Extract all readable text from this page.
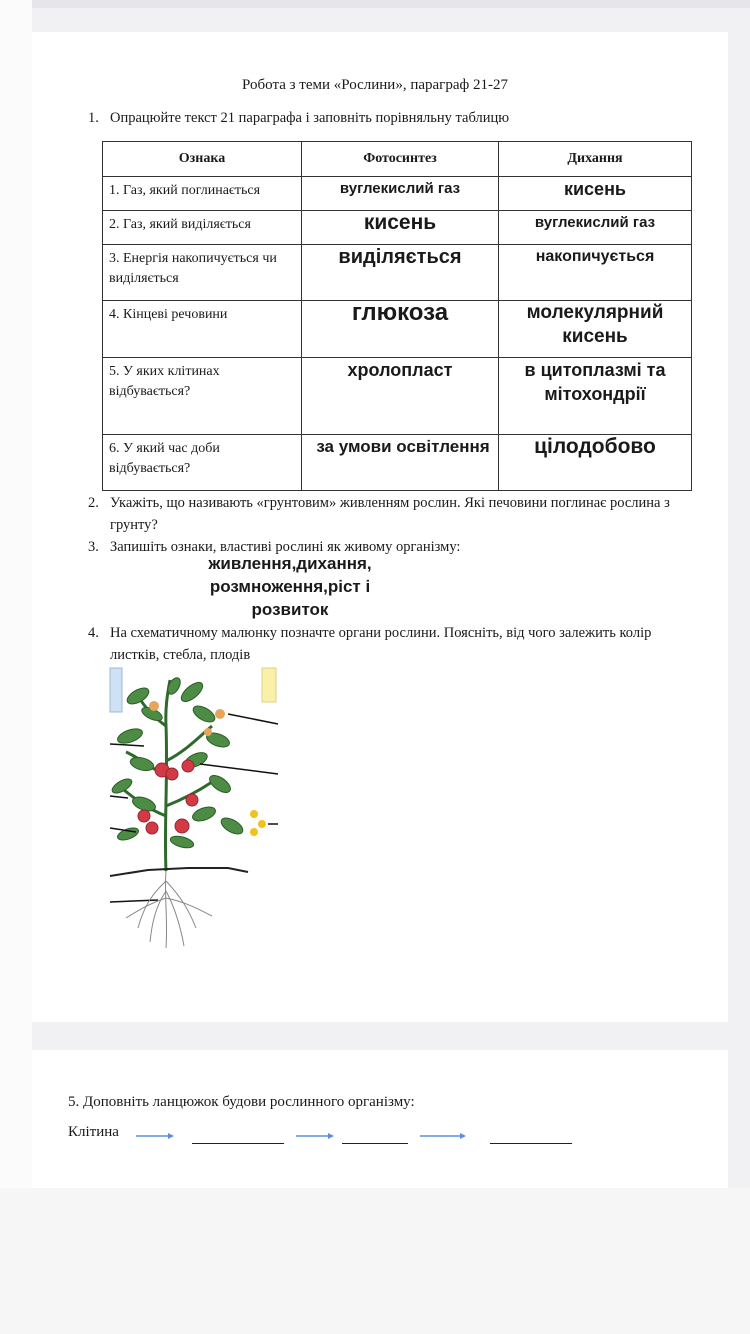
Робота з теми «Рослини», параграф 21-27
1. Опрацюйте текст 21 параграфа і заповніть порівняльну таблицю
Ознака	Фотосинтез	Дихання
1. Газ, який поглинається	вуглекислий газ	кисень

2. Газ, який виділяється	кисень	вуглекислий газ

3. Енергія накопичується чи виділяється	виділяється	накопичується

4. Кінцеві речовини	глюкоза	молекулярний кисень

5. У яких клітинах відбувається?	хролопласт	в цитоплазмі та мітохондрії

6. У який час доби відбувається?	за умови освітлення	цілодобово
2. Укажіть, що називають «грунтовим» живленням рослин. Які печовини поглинає рослина з грунту?
3. Запишіть ознаки, властиві рослині як живому організму:
живлення,дихання,
розмноження,ріст і
розвиток
4. На схематичному малюнку позначте органи рослини. Поясніть, від чого залежить колір листків, стебла, плодів
5. Доповніть ланцюжок будови рослинного організму:
Клітина
